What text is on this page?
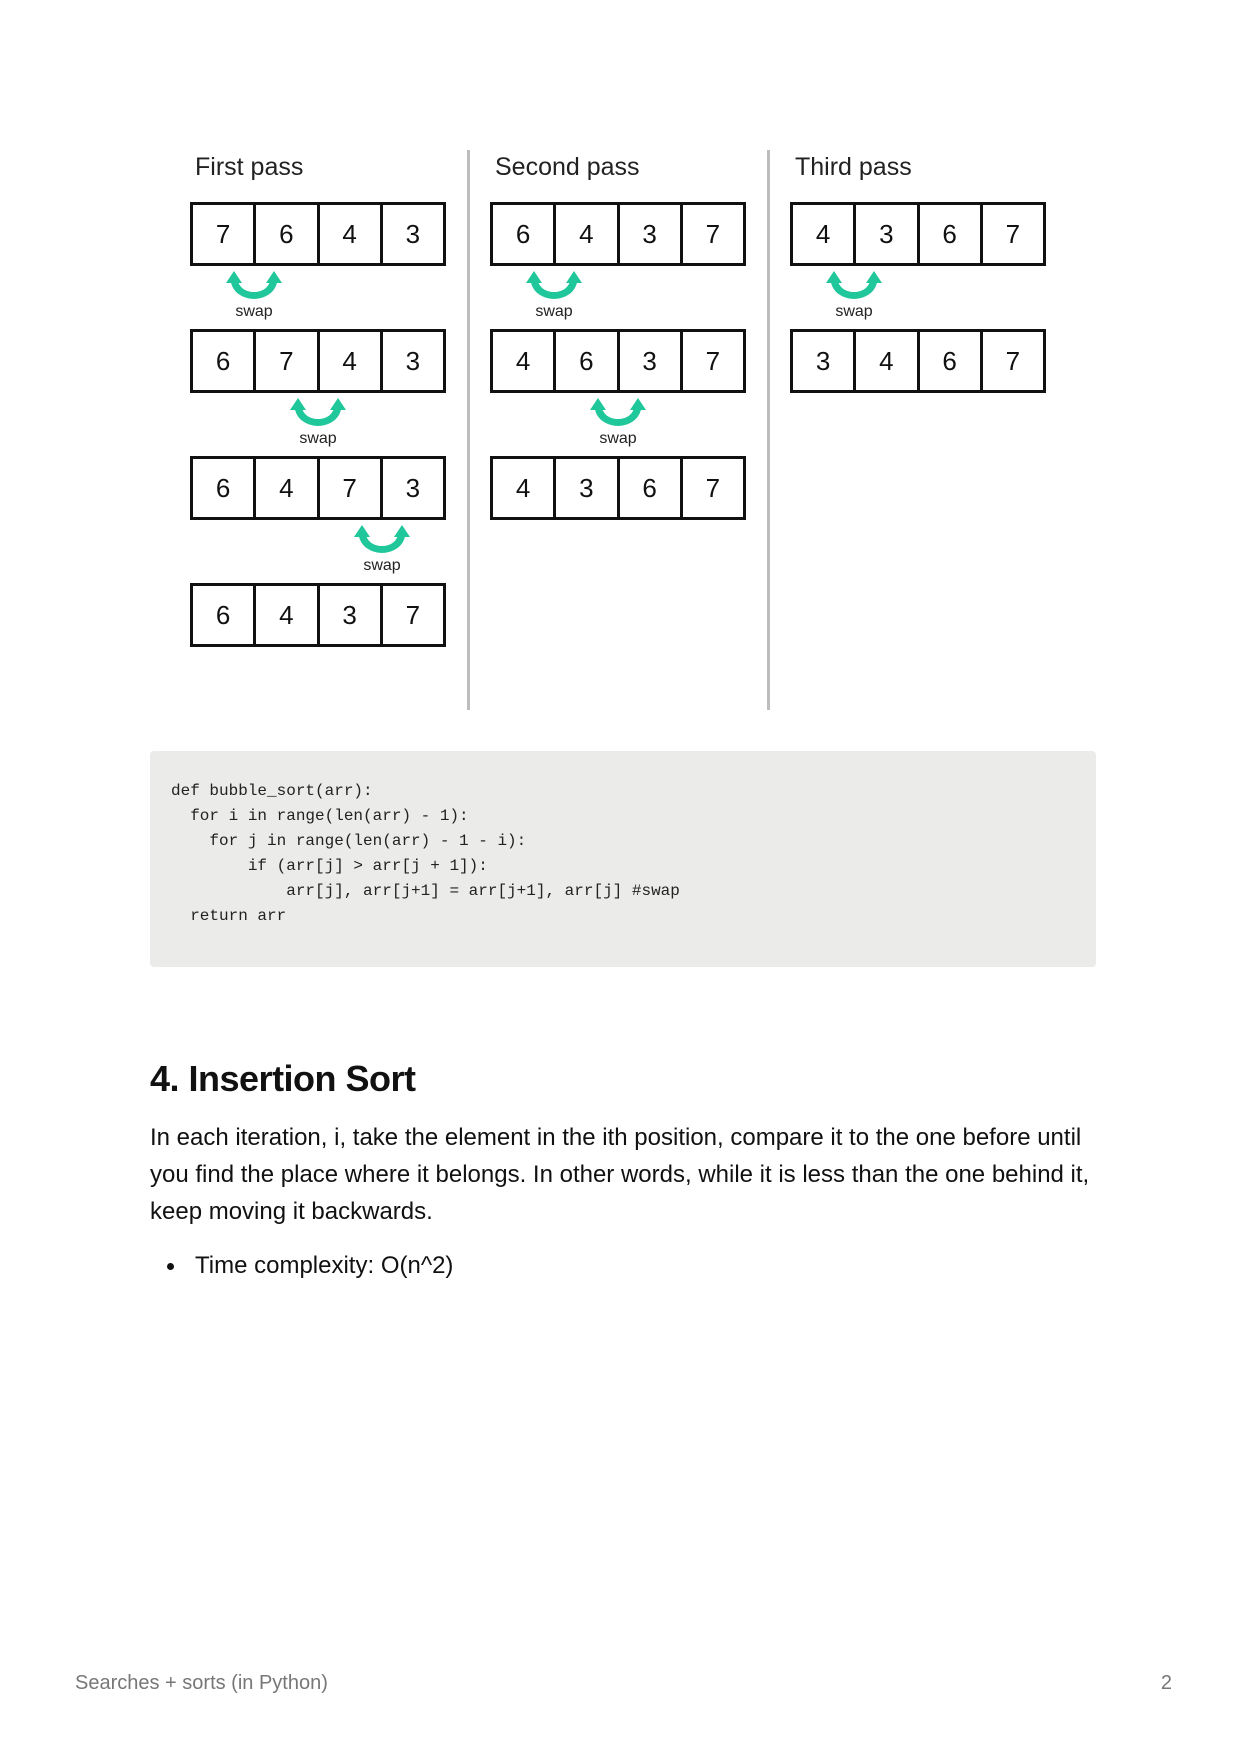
First pass
7	6	4	3
swap
6	7	4	3
swap
6	4	7	3
swap
6	4	3	7
Second pass
6	4	3	7
swap
4	6	3	7
swap
4	3	6	7
Third pass
4	3	6	7
swap
3	4	6	7
def bubble_sort(arr):
for i in range(len(arr) - 1):
for j in range(len(arr) - 1 - i):
if (arr[j] > arr[j + 1]):
arr[j], arr[j+1] = arr[j+1], arr[j] #swap
return arr
4. Insertion Sort

In each iteration, i, take the element in the ith position, compare it to the one before until you find the place where it belongs. In other words, while it is less than the one behind it, keep moving it backwards.

Time complexity: O(n^2)
Searches + sorts (in Python)	2
